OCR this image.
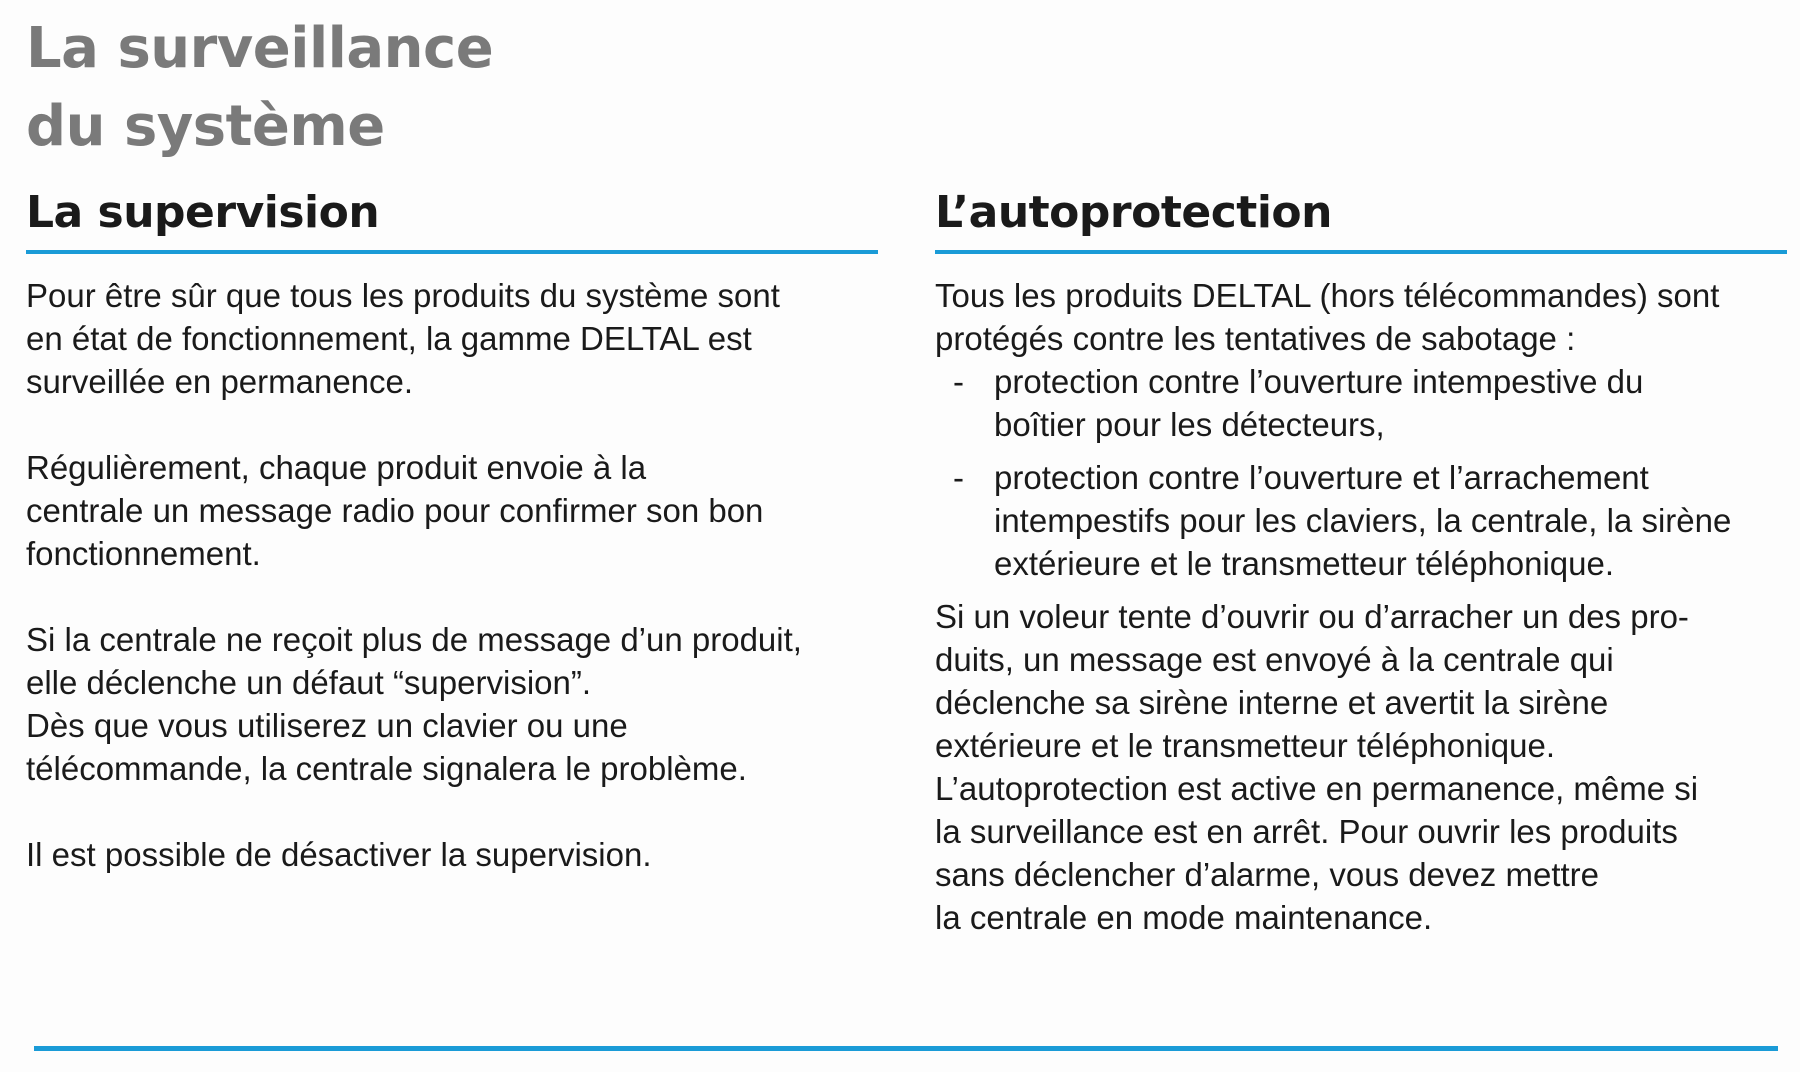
La surveillance
du système
La supervision

Pour être sûr que tous les produits du système sont
en état de fonctionnement, la gamme DELTAL est
surveillée en permanence.

Régulièrement, chaque produit envoie à la
centrale un message radio pour confirmer son bon
fonctionnement.

Si la centrale ne reçoit plus de message d’un produit,
elle déclenche un défaut “supervision”.
Dès que vous utiliserez un clavier ou une
télécommande, la centrale signalera le problème.

Il est possible de désactiver la supervision.

L’autoprotection
Tous les produits DELTAL (hors télécommandes) sont
protégés contre les tentatives de sabotage :
- protection contre l’ouverture intempestive du
boîtier pour les détecteurs,
- protection contre l’ouverture et l’arrachement
intempestifs pour les claviers, la centrale, la sirène
extérieure et le transmetteur téléphonique.
Si un voleur tente d’ouvrir ou d’arracher un des pro-
duits, un message est envoyé à la centrale qui
déclenche sa sirène interne et avertit la sirène
extérieure et le transmetteur téléphonique.
L’autoprotection est active en permanence, même si
la surveillance est en arrêt. Pour ouvrir les produits
sans déclencher d’alarme, vous devez mettre
la centrale en mode maintenance.
